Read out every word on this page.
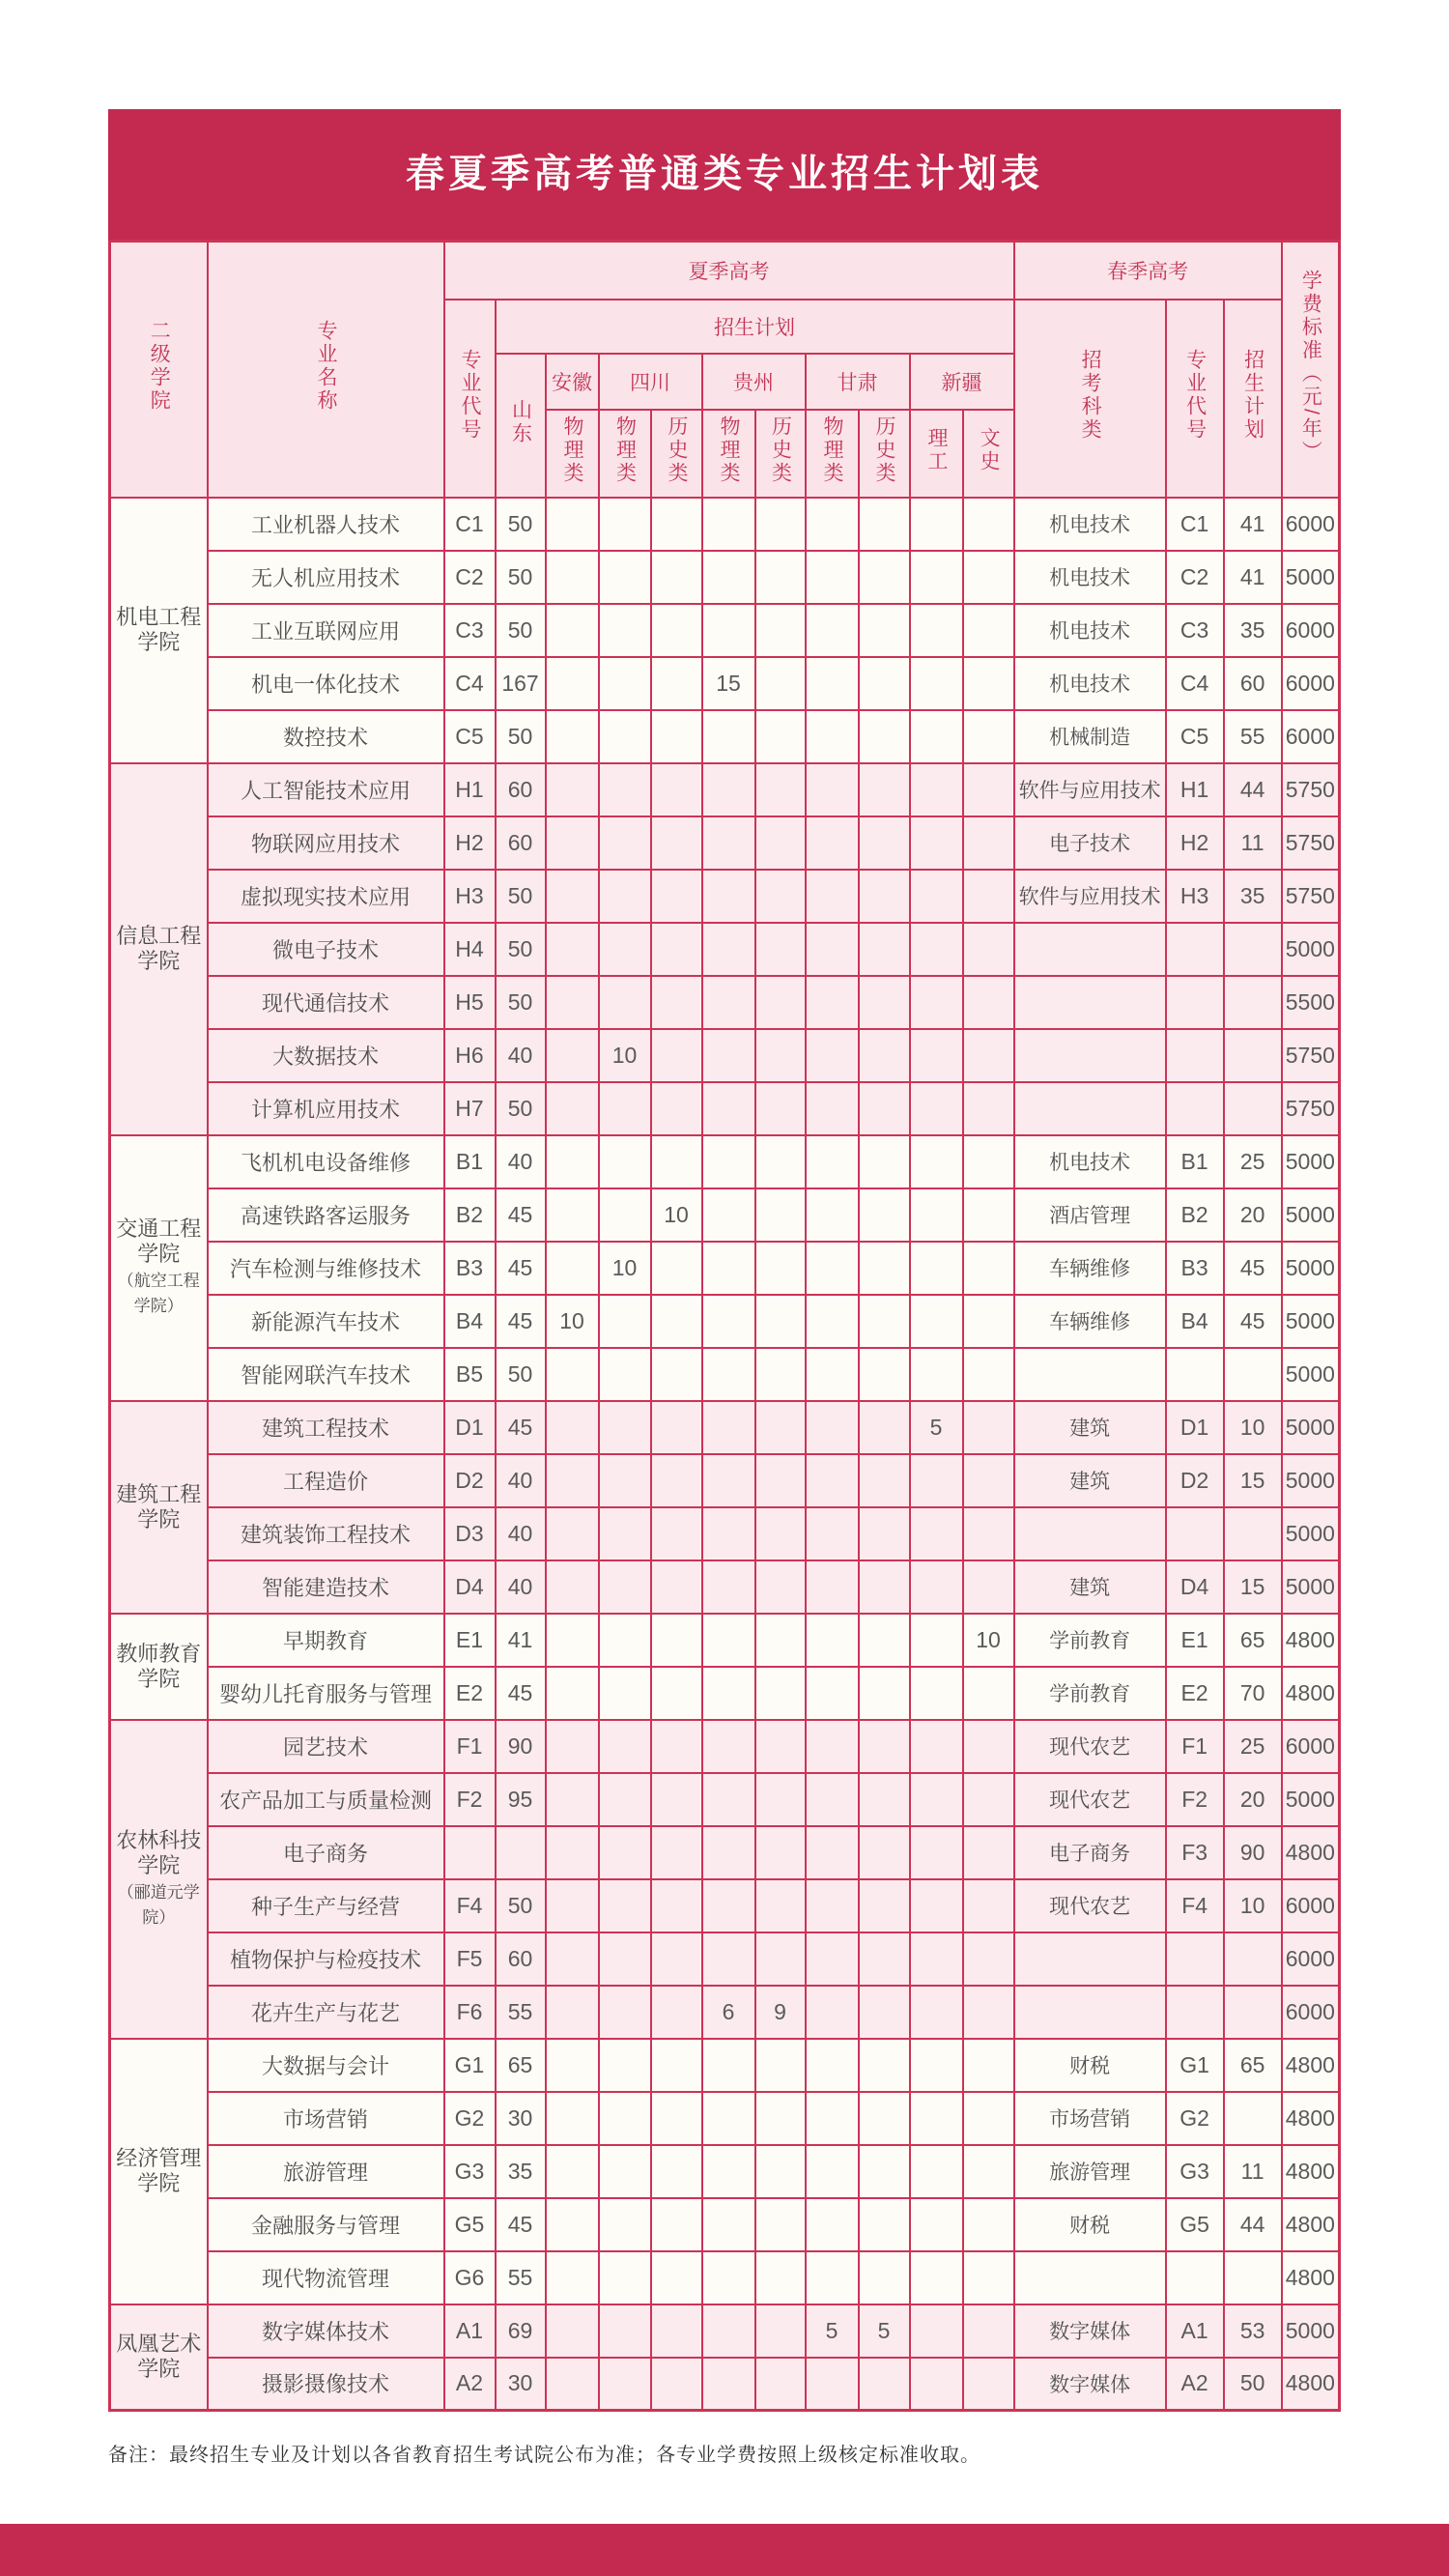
春夏季高考普通类专业招生计划表
二级学院	专业名称	夏季高考											春季高考			学费标准（元/年）
		专业代号	招生计划										招考科类	专业代号	招生计划	
			山东	安徽	四川		贵州		甘肃		新疆					
				物理类	物理类	历史类	物理类	历史类	物理类	历史类	理工	文史				

机电工程学院	工业机器人技术	C1	50										机电技术	C1	41	6000
	无人机应用技术	C2	50										机电技术	C2	41	5000
	工业互联网应用	C3	50										机电技术	C3	35	6000
	机电一体化技术	C4	167				15						机电技术	C4	60	6000
	数控技术	C5	50										机械制造	C5	55	6000

信息工程学院	人工智能技术应用	H1	60										软件与应用技术	H1	44	5750
	物联网应用技术	H2	60										电子技术	H2	11	5750
	虚拟现实技术应用	H3	50										软件与应用技术	H3	35	5750
	微电子技术	H4	50													5000
	现代通信技术	H5	50													5500
	大数据技术	H6	40		10											5750
	计算机应用技术	H7	50													5750

交通工程学院
（航空工程学院）	飞机机电设备维修	B1	40										机电技术	B1	25	5000
	高速铁路客运服务	B2	45			10							酒店管理	B2	20	5000
	汽车检测与维修技术	B3	45		10								车辆维修	B3	45	5000
	新能源汽车技术	B4	45	10									车辆维修	B4	45	5000
	智能网联汽车技术	B5	50													5000

建筑工程学院	建筑工程技术	D1	45								5		建筑	D1	10	5000
	工程造价	D2	40										建筑	D2	15	5000
	建筑装饰工程技术	D3	40													5000
	智能建造技术	D4	40										建筑	D4	15	5000

教师教育学院	早期教育	E1	41									10	学前教育	E1	65	4800
	婴幼儿托育服务与管理	E2	45										学前教育	E2	70	4800

农林科技学院
（郦道元学院）	园艺技术	F1	90										现代农艺	F1	25	6000
	农产品加工与质量检测	F2	95										现代农艺	F2	20	5000
	电子商务												电子商务	F3	90	4800
	种子生产与经营	F4	50										现代农艺	F4	10	6000
	植物保护与检疫技术	F5	60													6000
	花卉生产与花艺	F6	55				6	9								6000

经济管理学院	大数据与会计	G1	65										财税	G1	65	4800
	市场营销	G2	30										市场营销	G2		4800
	旅游管理	G3	35										旅游管理	G3	11	4800
	金融服务与管理	G5	45										财税	G5	44	4800
	现代物流管理	G6	55													4800

凤凰艺术学院	数字媒体技术	A1	69						5	5			数字媒体	A1	53	5000
	摄影摄像技术	A2	30										数字媒体	A2	50	4800
备注：最终招生专业及计划以各省教育招生考试院公布为准；各专业学费按照上级核定标准收取。
